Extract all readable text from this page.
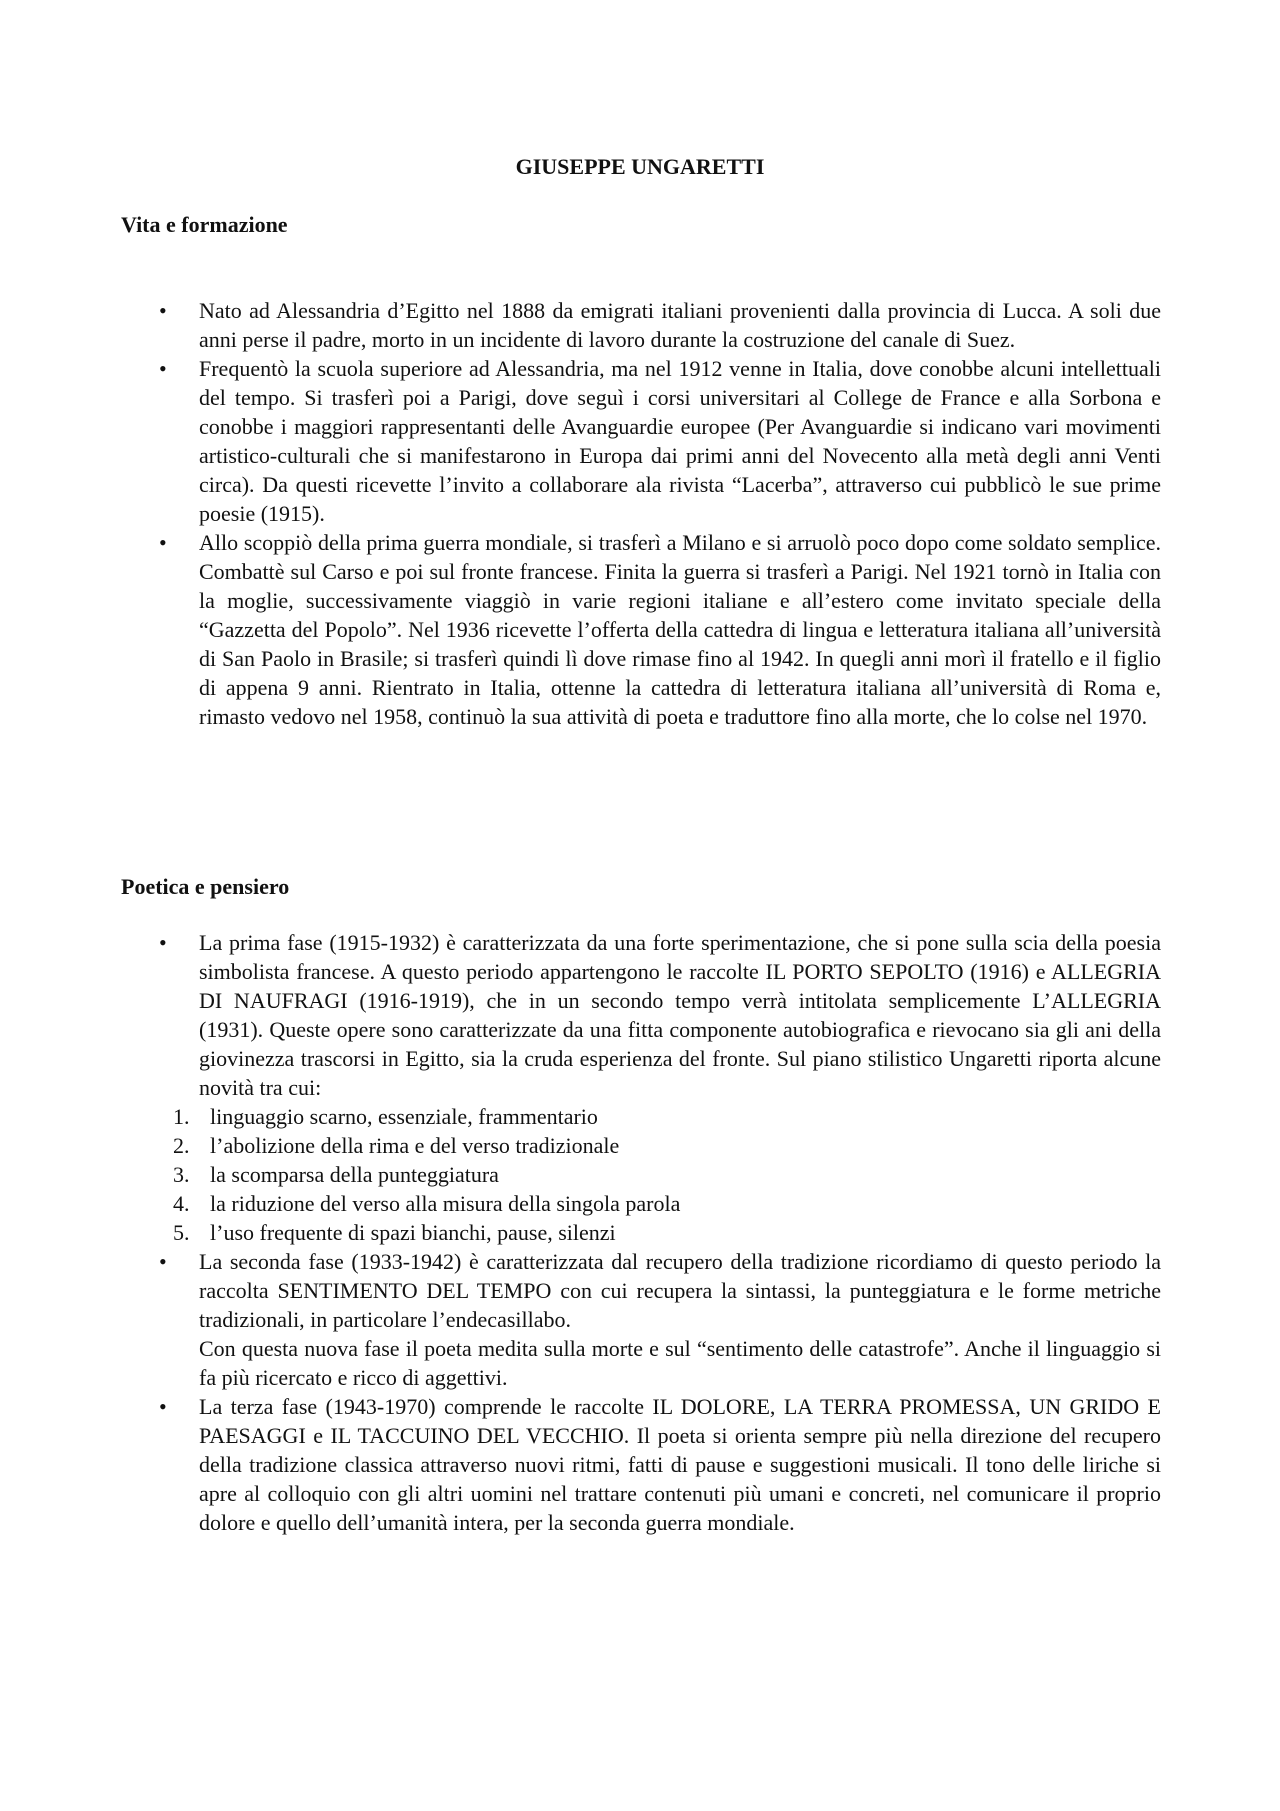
GIUSEPPE UNGARETTI
Vita e formazione
• Nato ad Alessandria d’Egitto nel 1888 da emigrati italiani provenienti dalla provincia di Lucca. A soli due anni perse il padre, morto in un incidente di lavoro durante la costruzione del canale di Suez.

• Frequentò la scuola superiore ad Alessandria, ma nel 1912 venne in Italia, dove conobbe alcuni intellettuali del tempo. Si trasferì poi a Parigi, dove seguì i corsi universitari al College de France e alla Sorbona e conobbe i maggiori rappresentanti delle Avanguardie europee (Per Avanguardie si indicano vari movimenti artistico-culturali che si manifestarono in Europa dai primi anni del Novecento alla metà degli anni Venti circa). Da questi ricevette l’invito a collaborare ala rivista “Lacerba”, attraverso cui pubblicò le sue prime poesie (1915).

• Allo scoppiò della prima guerra mondiale, si trasferì a Milano e si arruolò poco dopo come soldato semplice. Combattè sul Carso e poi sul fronte francese. Finita la guerra si trasferì a Parigi. Nel 1921 tornò in Italia con la moglie, successivamente viaggiò in varie regioni italiane e all’estero come invitato speciale della “Gazzetta del Popolo”. Nel 1936 ricevette l’offerta della cattedra di lingua e letteratura italiana all’università di San Paolo in Brasile; si trasferì quindi lì dove rimase fino al 1942. In quegli anni morì il fratello e il figlio di appena 9 anni. Rientrato in Italia, ottenne la cattedra di letteratura italiana all’università di Roma e, rimasto vedovo nel 1958, continuò la sua attività di poeta e traduttore fino alla morte, che lo colse nel 1970.

Poetica e pensiero
• La prima fase (1915-1932) è caratterizzata da una forte sperimentazione, che si pone sulla scia della poesia simbolista francese. A questo periodo appartengono le raccolte IL PORTO SEPOLTO (1916) e ALLEGRIA DI NAUFRAGI (1916-1919), che in un secondo tempo verrà intitolata semplicemente L’ALLEGRIA (1931). Queste opere sono caratterizzate da una fitta componente autobiografica e rievocano sia gli ani della giovinezza trascorsi in Egitto, sia la cruda esperienza del fronte. Sul piano stilistico Ungaretti riporta alcune novità tra cui:

1. linguaggio scarno, essenziale, frammentario
2. l’abolizione della rima e del verso tradizionale
3. la scomparsa della punteggiatura
4. la riduzione del verso alla misura della singola parola
5. l’uso frequente di spazi bianchi, pause, silenzi
• La seconda fase (1933-1942) è caratterizzata dal recupero della tradizione ricordiamo di questo periodo la raccolta SENTIMENTO DEL TEMPO con cui recupera la sintassi, la punteggiatura e le forme metriche tradizionali, in particolare l’endecasillabo.

Con questa nuova fase il poeta medita sulla morte e sul “sentimento delle catastrofe”. Anche il linguaggio si fa più ricercato e ricco di aggettivi.

• La terza fase (1943-1970) comprende le raccolte IL DOLORE, LA TERRA PROMESSA, UN GRIDO E PAESAGGI e IL TACCUINO DEL VECCHIO. Il poeta si orienta sempre più nella direzione del recupero della tradizione classica attraverso nuovi ritmi, fatti di pause e suggestioni musicali. Il tono delle liriche si apre al colloquio con gli altri uomini nel trattare contenuti più umani e concreti, nel comunicare il proprio dolore e quello dell’umanità intera, per la seconda guerra mondiale.
